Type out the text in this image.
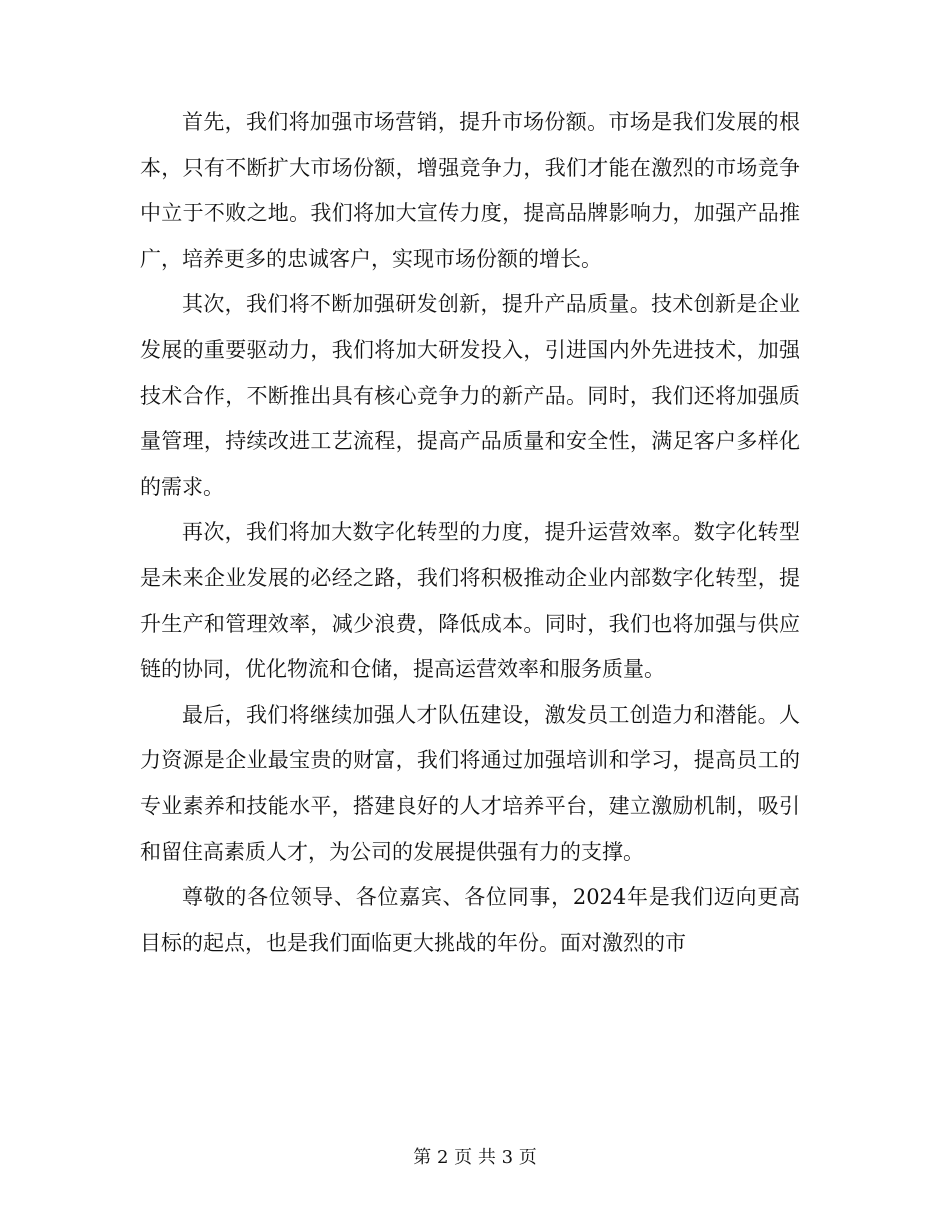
首先，我们将加强市场营销，提升市场份额。市场是我们发展的根本，只有不断扩大市场份额，增强竞争力，我们才能在激烈的市场竞争中立于不败之地。我们将加大宣传力度，提高品牌影响力，加强产品推广，培养更多的忠诚客户，实现市场份额的增长。

其次，我们将不断加强研发创新，提升产品质量。技术创新是企业发展的重要驱动力，我们将加大研发投入，引进国内外先进技术，加强技术合作，不断推出具有核心竞争力的新产品。同时，我们还将加强质量管理，持续改进工艺流程，提高产品质量和安全性，满足客户多样化的需求。

再次，我们将加大数字化转型的力度，提升运营效率。数字化转型是未来企业发展的必经之路，我们将积极推动企业内部数字化转型，提升生产和管理效率，减少浪费，降低成本。同时，我们也将加强与供应链的协同，优化物流和仓储，提高运营效率和服务质量。

最后，我们将继续加强人才队伍建设，激发员工创造力和潜能。人力资源是企业最宝贵的财富，我们将通过加强培训和学习，提高员工的专业素养和技能水平，搭建良好的人才培养平台，建立激励机制，吸引和留住高素质人才，为公司的发展提供强有力的支撑。

尊敬的各位领导、各位嘉宾、各位同事，2024年是我们迈向更高目标的起点，也是我们面临更大挑战的年份。面对激烈的市

第 2 页 共 3 页
